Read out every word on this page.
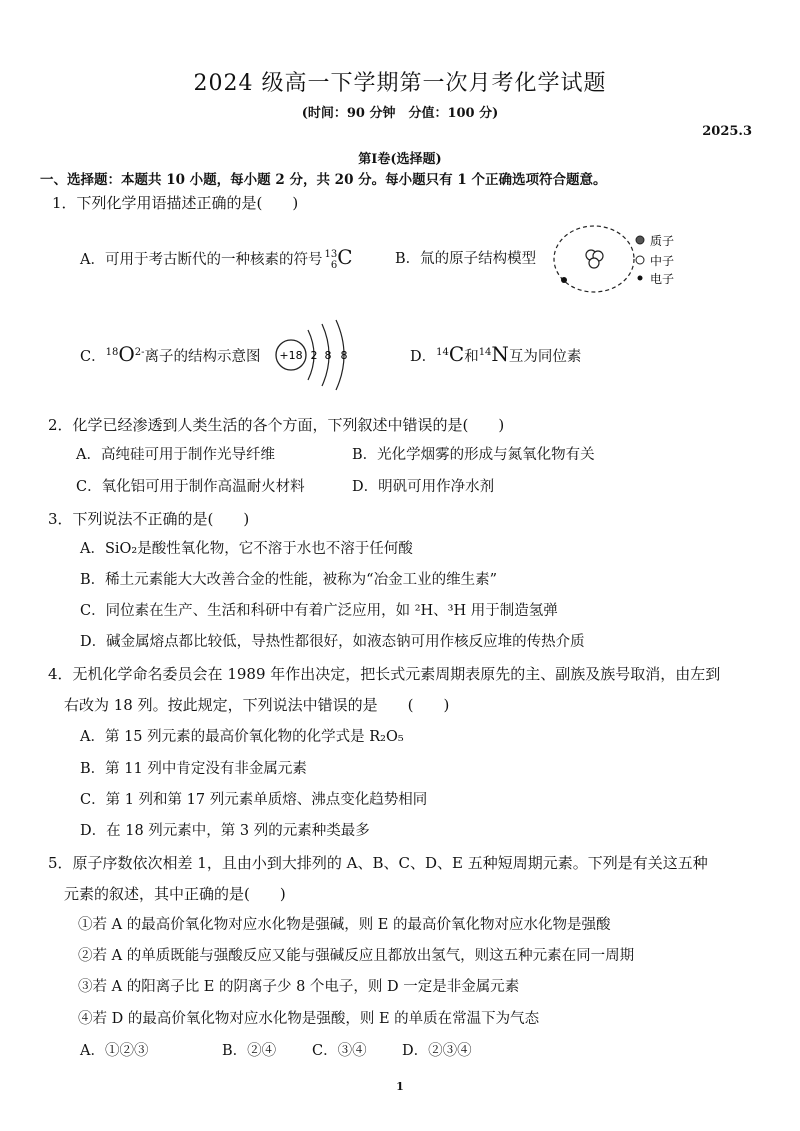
2024 级高一下学期第一次月考化学试题
(时间：90 分钟　分值：100 分)
2025.3
第Ⅰ卷(选择题)
一、选择题：本题共 10 小题，每小题 2 分，共 20 分。每小题只有 1 个正确选项符合题意。
1．下列化学用语描述正确的是(　　)
A．可用于考古断代的一种核素的符号 13
6 C	B．氚的原子结构模型
质子
中子
电子
C．$^{18}O^{2-}$离子的结构示意图 +18 2 8 8	D．$^{14}$C和$^{14}$N互为同位素
2．化学已经渗透到人类生活的各个方面，下列叙述中错误的是(　　)
A．高纯硅可用于制作光导纤维	B．光化学烟雾的形成与氮氧化物有关
C．氧化铝可用于制作高温耐火材料	D．明矾可用作净水剂
3．下列说法不正确的是(　　)
A．SiO₂是酸性氧化物，它不溶于水也不溶于任何酸
B．稀土元素能大大改善合金的性能，被称为“冶金工业的维生素”
C．同位素在生产、生活和科研中有着广泛应用，如 ²H、³H 用于制造氢弹
D．碱金属熔点都比较低，导热性都很好，如液态钠可用作核反应堆的传热介质
4．无机化学命名委员会在 1989 年作出决定，把长式元素周期表原先的主、副族及族号取消，由左到
右改为 18 列。按此规定，下列说法中错误的是　　(　　)
A．第 15 列元素的最高价氧化物的化学式是 R₂O₅
B．第 11 列中肯定没有非金属元素
C．第 1 列和第 17 列元素单质熔、沸点变化趋势相同
D．在 18 列元素中，第 3 列的元素种类最多
5．原子序数依次相差 1，且由小到大排列的 A、B、C、D、E 五种短周期元素。下列是有关这五种
元素的叙述，其中正确的是(　　)
①若 A 的最高价氧化物对应水化物是强碱，则 E 的最高价氧化物对应水化物是强酸
②若 A 的单质既能与强酸反应又能与强碱反应且都放出氢气，则这五种元素在同一周期
③若 A 的阳离子比 E 的阴离子少 8 个电子，则 D 一定是非金属元素
④若 D 的最高价氧化物对应水化物是强酸，则 E 的单质在常温下为气态
A．①②③	B．②④ C．③④ D．②③④
1
